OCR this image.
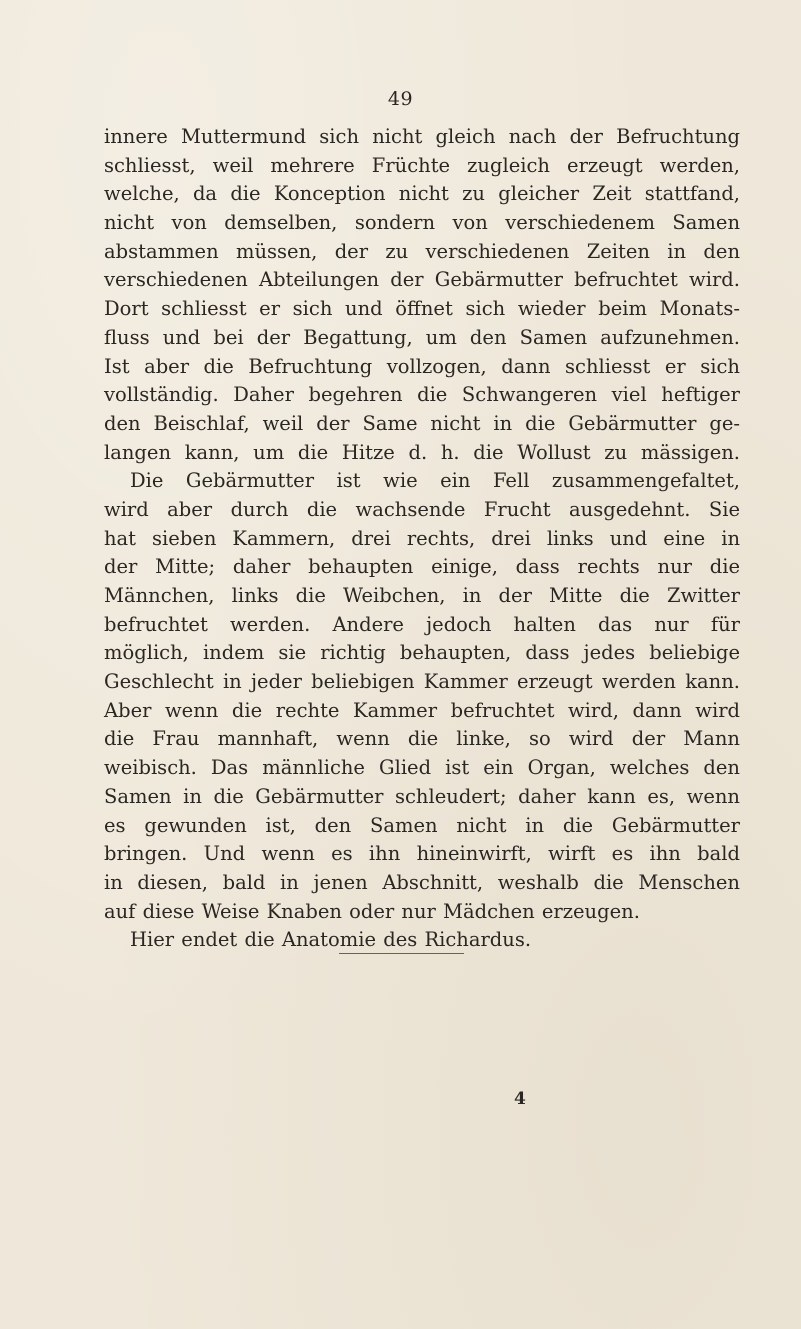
49
innere Muttermund sich nicht gleich nach der Befruchtung
schliesst, weil mehrere Früchte zugleich erzeugt werden,
welche, da die Konception nicht zu gleicher Zeit stattfand,
nicht von demselben, sondern von verschiedenem Samen
abstammen müssen, der zu verschiedenen Zeiten in den
verschiedenen Abteilungen der Gebärmutter befruchtet wird.
Dort schliesst er sich und öffnet sich wieder beim Monats-
fluss und bei der Begattung, um den Samen aufzunehmen.
Ist aber die Befruchtung vollzogen, dann schliesst er sich
vollständig. Daher begehren die Schwangeren viel heftiger
den Beischlaf, weil der Same nicht in die Gebärmutter ge-
langen kann, um die Hitze d. h. die Wollust zu mässigen.
Die Gebärmutter ist wie ein Fell zusammengefaltet,
wird aber durch die wachsende Frucht ausgedehnt. Sie
hat sieben Kammern, drei rechts, drei links und eine in
der Mitte; daher behaupten einige, dass rechts nur die
Männchen, links die Weibchen, in der Mitte die Zwitter
befruchtet werden. Andere jedoch halten das nur für
möglich, indem sie richtig behaupten, dass jedes beliebige
Geschlecht in jeder beliebigen Kammer erzeugt werden kann.
Aber wenn die rechte Kammer befruchtet wird, dann wird
die Frau mannhaft, wenn die linke, so wird der Mann
weibisch. Das männliche Glied ist ein Organ, welches den
Samen in die Gebärmutter schleudert; daher kann es, wenn
es gewunden ist, den Samen nicht in die Gebärmutter
bringen. Und wenn es ihn hineinwirft, wirft es ihn bald
in diesen, bald in jenen Abschnitt, weshalb die Menschen
auf diese Weise Knaben oder nur Mädchen erzeugen.
Hier endet die Anatomie des Richardus.
4
